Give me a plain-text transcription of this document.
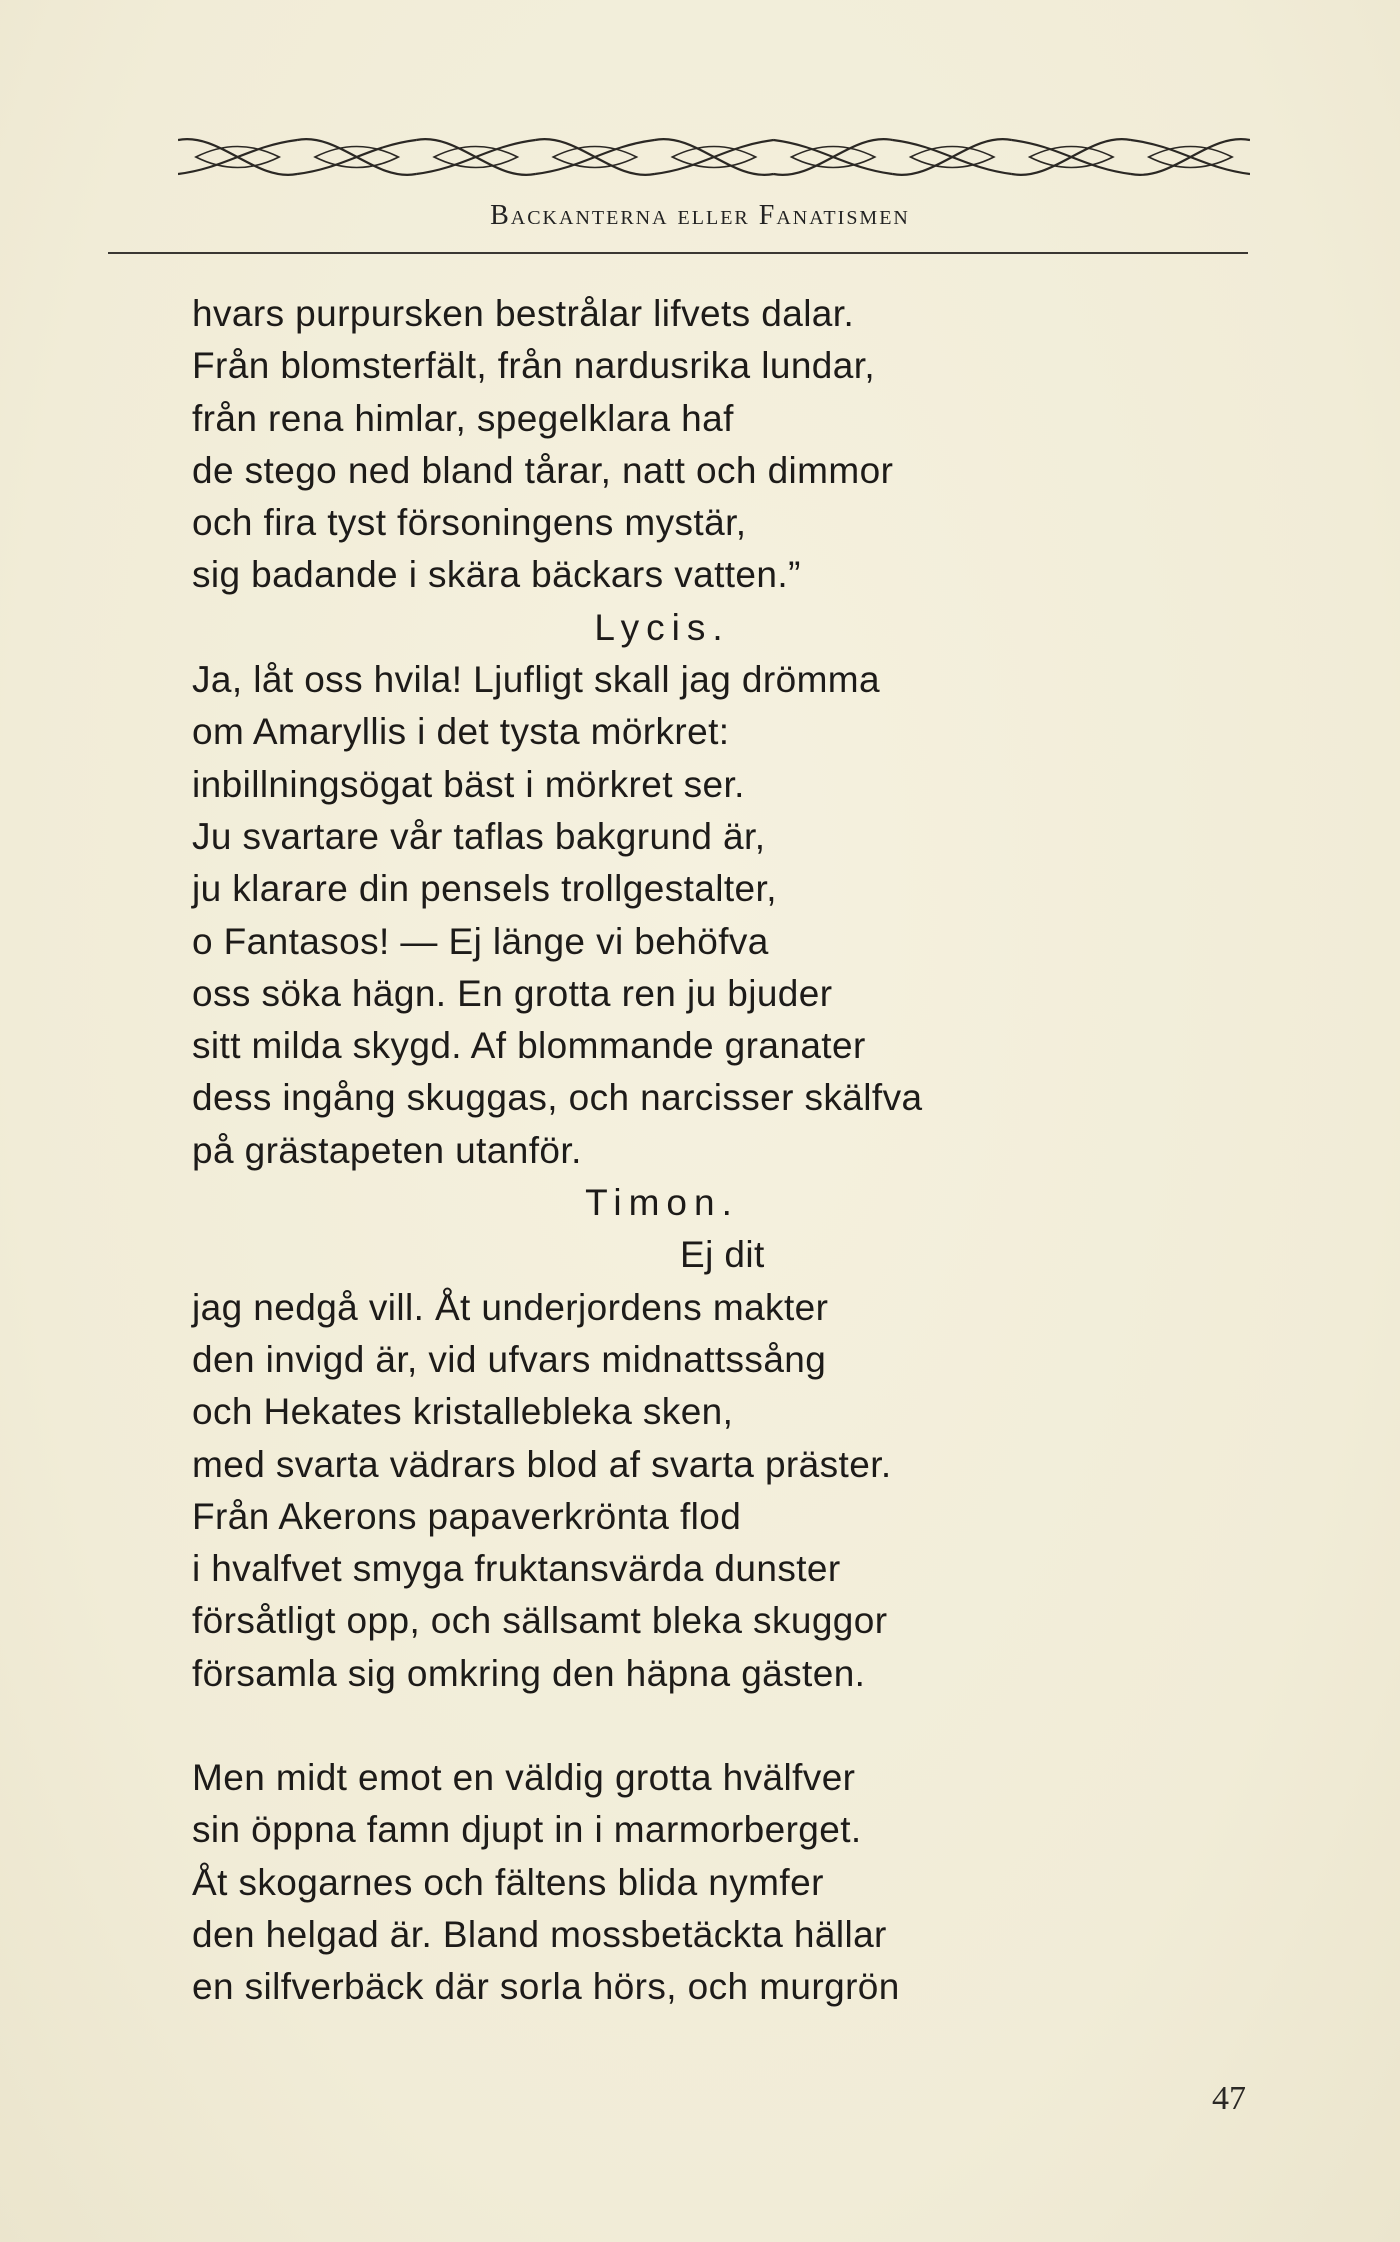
Backanterna eller Fanatismen
hvars purpursken bestrålar lifvets dalar.
Från blomsterfält, från nardusrika lundar,
från rena himlar, spegelklara haf
de stego ned bland tårar, natt och dimmor
och fira tyst försoningens mystär,
sig badande i skära bäckars vatten.”
Lycis.
Ja, låt oss hvila! Ljufligt skall jag drömma
om Amaryllis i det tysta mörkret:
inbillningsögat bäst i mörkret ser.
Ju svartare vår taflas bakgrund är,
ju klarare din pensels trollgestalter,
o Fantasos! — Ej länge vi behöfva
oss söka hägn. En grotta ren ju bjuder
sitt milda skygd. Af blommande granater
dess ingång skuggas, och narcisser skälfva
på grästapeten utanför.
Timon.
Ej dit
jag nedgå vill. Åt underjordens makter
den invigd är, vid ufvars midnattssång
och Hekates kristallebleka sken,
med svarta vädrars blod af svarta präster.
Från Akerons papaverkrönta flod
i hvalfvet smyga fruktansvärda dunster
försåtligt opp, och sällsamt bleka skuggor
församla sig omkring den häpna gästen.
Men midt emot en väldig grotta hvälfver
sin öppna famn djupt in i marmorberget.
Åt skogarnes och fältens blida nymfer
den helgad är. Bland mossbetäckta hällar
en silfverbäck där sorla hörs, och murgrön
47
